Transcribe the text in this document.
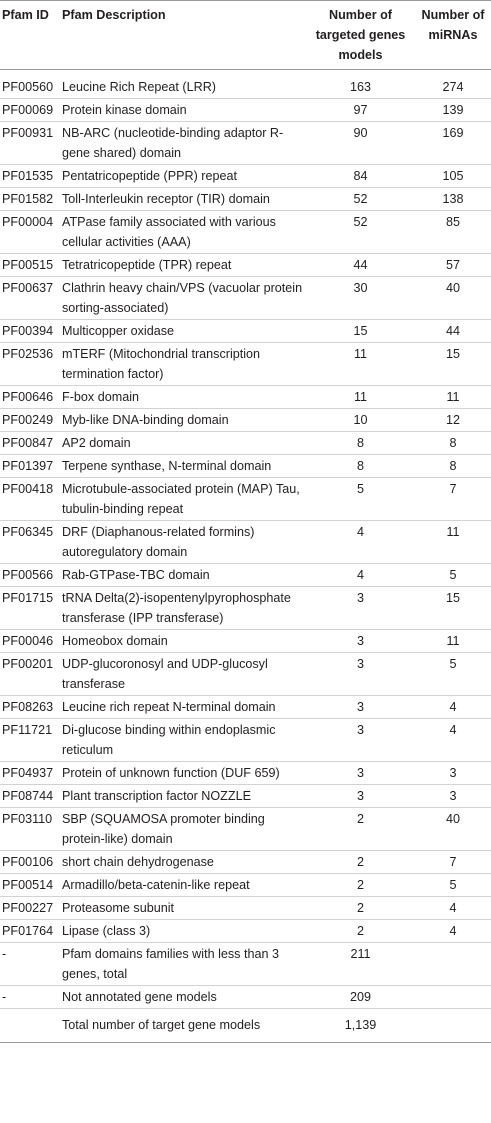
Pfam ID	Pfam Description	Number of targeted genes models	Number of miRNAs
PF00560	Leucine Rich Repeat (LRR)	163	274
PF00069	Protein kinase domain	97	139
PF00931	NB-ARC (nucleotide-binding adaptor R-gene shared) domain	90	169
PF01535	Pentatricopeptide (PPR) repeat	84	105
PF01582	Toll-Interleukin receptor (TIR) domain	52	138
PF00004	ATPase family associated with various cellular activities (AAA)	52	85
PF00515	Tetratricopeptide (TPR) repeat	44	57
PF00637	Clathrin heavy chain/VPS (vacuolar protein sorting-associated)	30	40
PF00394	Multicopper oxidase	15	44
PF02536	mTERF (Mitochondrial transcription termination factor)	11	15
PF00646	F-box domain	11	11
PF00249	Myb-like DNA-binding domain	10	12
PF00847	AP2 domain	8	8
PF01397	Terpene synthase, N-terminal domain	8	8
PF00418	Microtubule-associated protein (MAP) Tau, tubulin-binding repeat	5	7
PF06345	DRF (Diaphanous-related formins) autoregulatory domain	4	11
PF00566	Rab-GTPase-TBC domain	4	5
PF01715	tRNA Delta(2)-isopentenylpyrophosphate transferase (IPP transferase)	3	15
PF00046	Homeobox domain	3	11
PF00201	UDP-glucoronosyl and UDP-glucosyl transferase	3	5
PF08263	Leucine rich repeat N-terminal domain	3	4
PF11721	Di-glucose binding within endoplasmic reticulum	3	4
PF04937	Protein of unknown function (DUF 659)	3	3
PF08744	Plant transcription factor NOZZLE	3	3
PF03110	SBP (SQUAMOSA promoter binding protein-like) domain	2	40
PF00106	short chain dehydrogenase	2	7
PF00514	Armadillo/beta-catenin-like repeat	2	5
PF00227	Proteasome subunit	2	4
PF01764	Lipase (class 3)	2	4
-	Pfam domains families with less than 3 genes, total	211	
-	Not annotated gene models	209	
	Total number of target gene models	1,139	
